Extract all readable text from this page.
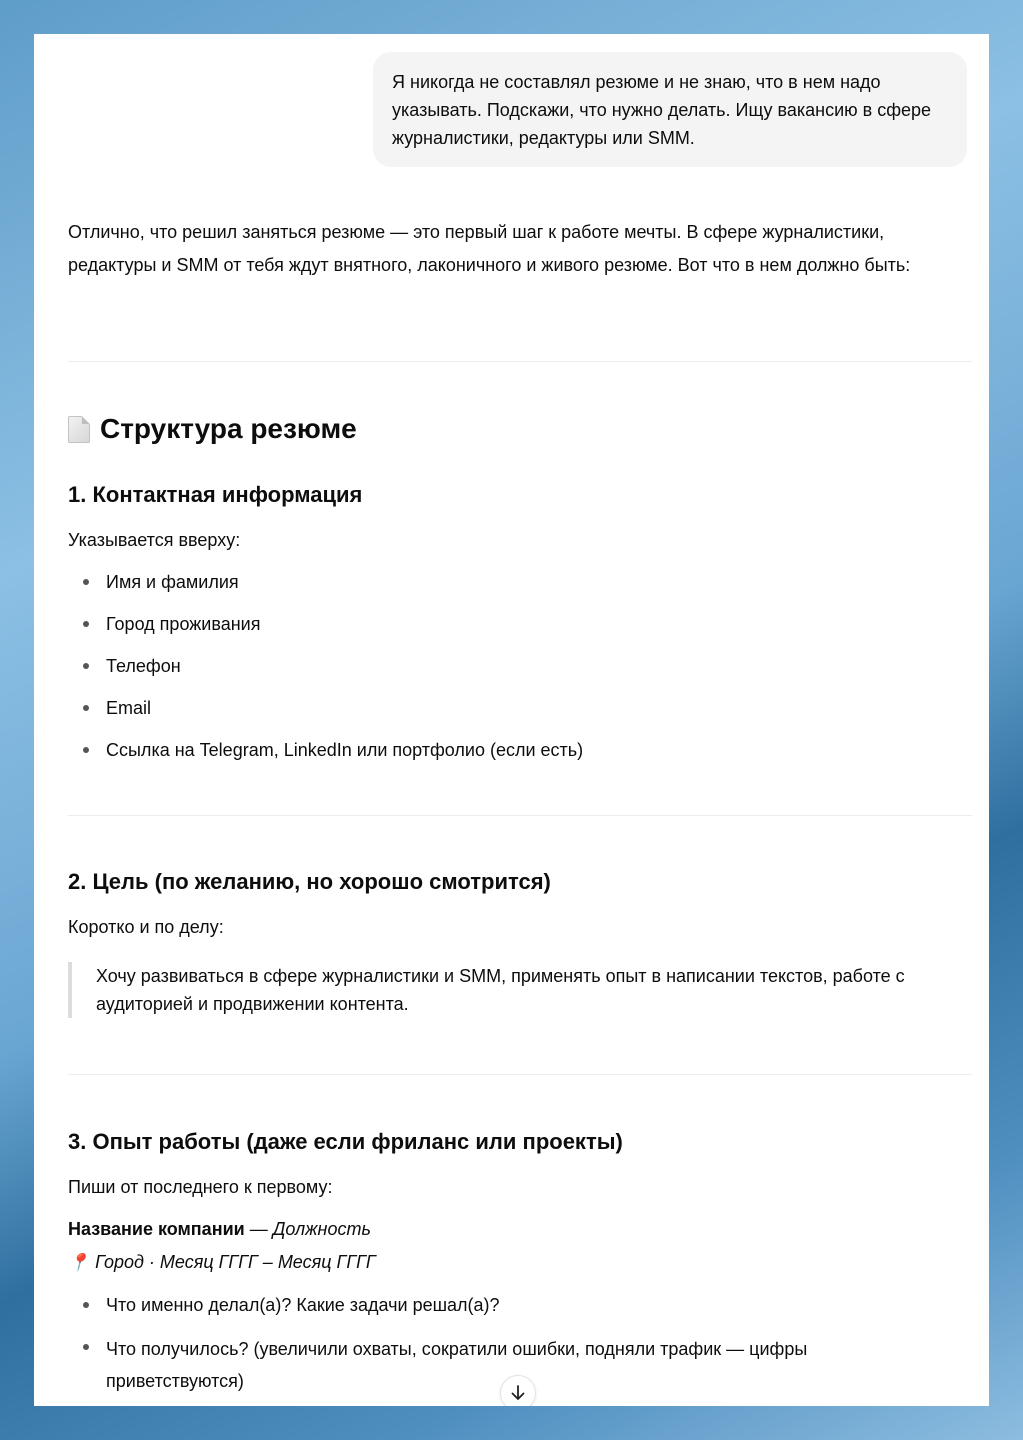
Я никогда не составлял резюме и не знаю, что в нем надо указывать. Подскажи, что нужно делать. Ищу вакансию в сфере журналистики, редактуры или SMM.

Отлично, что решил заняться резюме — это первый шаг к работе мечты. В сфере журналистики, редактуры и SMM от тебя ждут внятного, лаконичного и живого резюме. Вот что в нем должно быть:

Структура резюме
1. Контактная информация

Указывается вверху:

Имя и фамилия
Город проживания
Телефон
Email
Ссылка на Telegram, LinkedIn или портфолио (если есть)
2. Цель (по желанию, но хорошо смотрится)

Коротко и по делу:

Хочу развиваться в сфере журналистики и SMM, применять опыт в написании текстов, работе с аудиторией и продвижении контента.
3. Опыт работы (даже если фриланс или проекты)

Пиши от последнего к первому:

Название компании — Должность

📍 Город · Месяц ГГГГ – Месяц ГГГГ

Что именно делал(а)? Какие задачи решал(а)?
Что получилось? (увеличили охваты, сократили ошибки, подняли трафик — цифры приветствуются)
